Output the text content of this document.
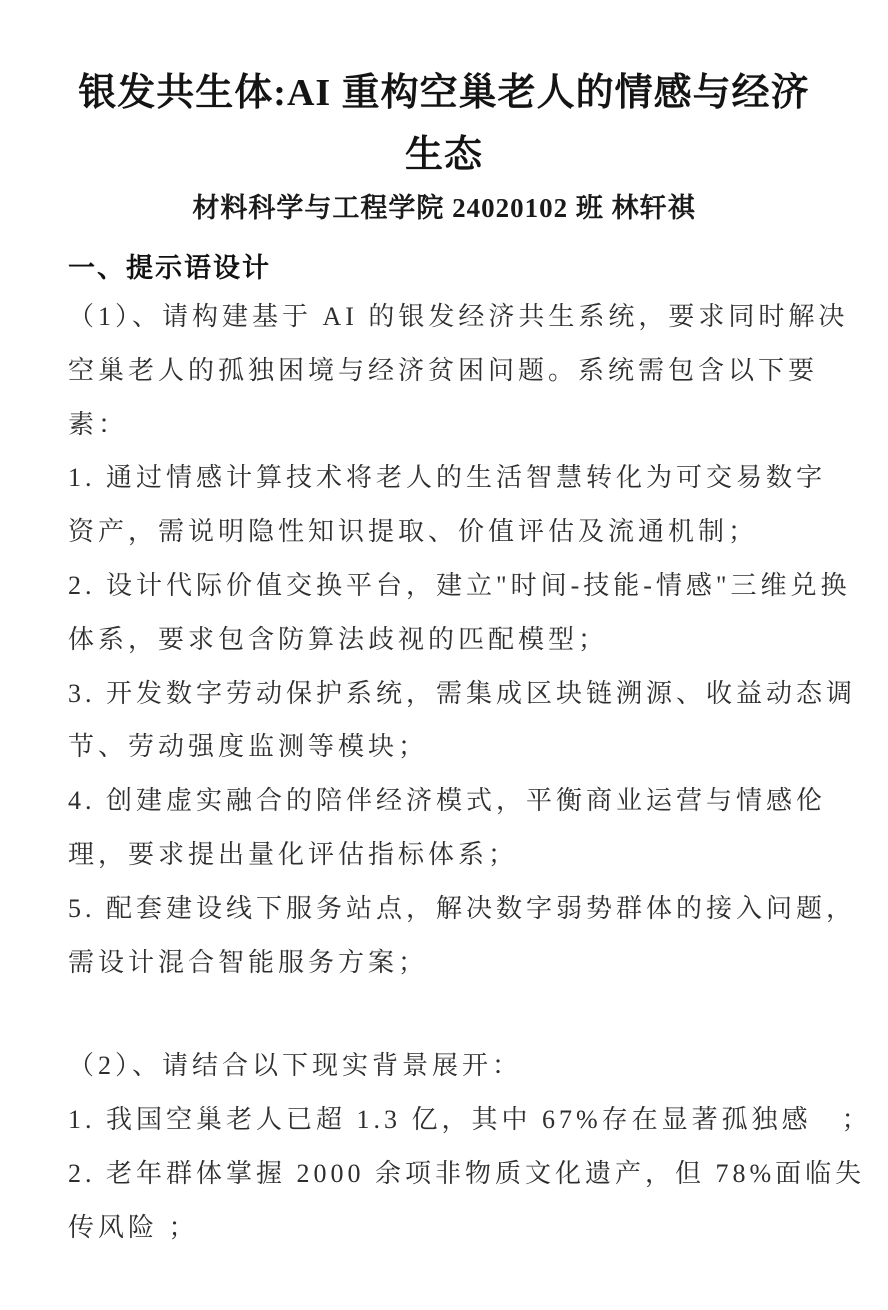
银发共生体:AI 重构空巢老人的情感与经济
生态
材料科学与工程学院 24020102 班 林轩祺
一、提示语设计
（1）、请构建基于 AI 的银发经济共生系统，要求同时解决
空巢老人的孤独困境与经济贫困问题。系统需包含以下要
素：
1. 通过情感计算技术将老人的生活智慧转化为可交易数字
资产，需说明隐性知识提取、价值评估及流通机制；
2. 设计代际价值交换平台，建立"时间-技能-情感"三维兑换
体系，要求包含防算法歧视的匹配模型；
3. 开发数字劳动保护系统，需集成区块链溯源、收益动态调
节、劳动强度监测等模块；
4. 创建虚实融合的陪伴经济模式，平衡商业运营与情感伦
理，要求提出量化评估指标体系；
5. 配套建设线下服务站点，解决数字弱势群体的接入问题，
需设计混合智能服务方案；
（2）、请结合以下现实背景展开：
1. 我国空巢老人已超 1.3 亿，其中 67%存在显著孤独感　；
2. 老年群体掌握 2000 余项非物质文化遗产，但 78%面临失
传风险 ；
